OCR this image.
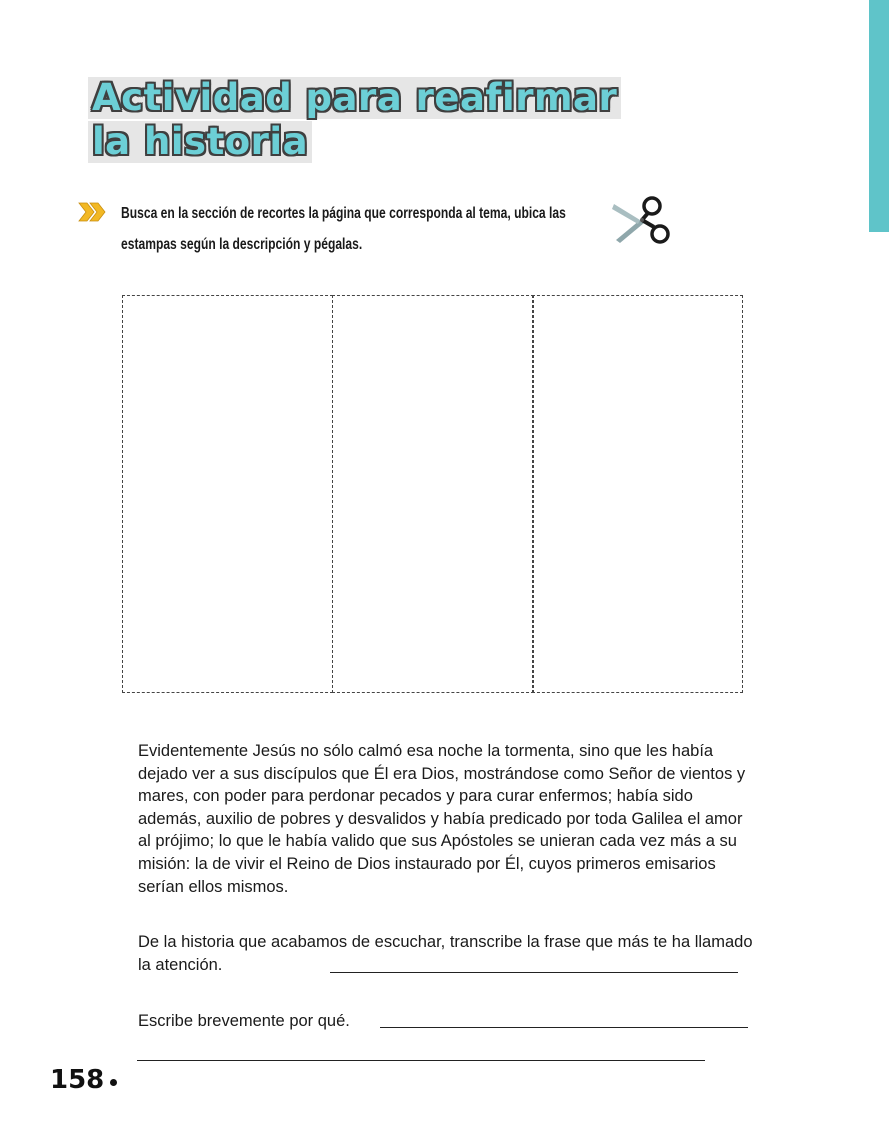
Actividad para reafirmar
la historia
Busca en la sección de recortes la página que corresponda al tema, ubica las estampas según la descripción y pégalas.
Evidentemente Jesús no sólo calmó esa noche la tormenta, sino que les había dejado ver a sus discípulos que Él era Dios, mostrándose como Señor de vientos y mares, con poder para perdonar pecados y para curar enfermos; había sido además, auxilio de pobres y desvalidos y había predicado por toda Galilea el amor al prójimo; lo que le había valido que sus Apóstoles se unieran cada vez más a su misión: la de vivir el Reino de Dios instaurado por Él, cuyos primeros emisarios serían ellos mismos.
De la historia que acabamos de escuchar, transcribe la frase que más te ha llamado la atención.
Escribe brevemente por qué.
158
